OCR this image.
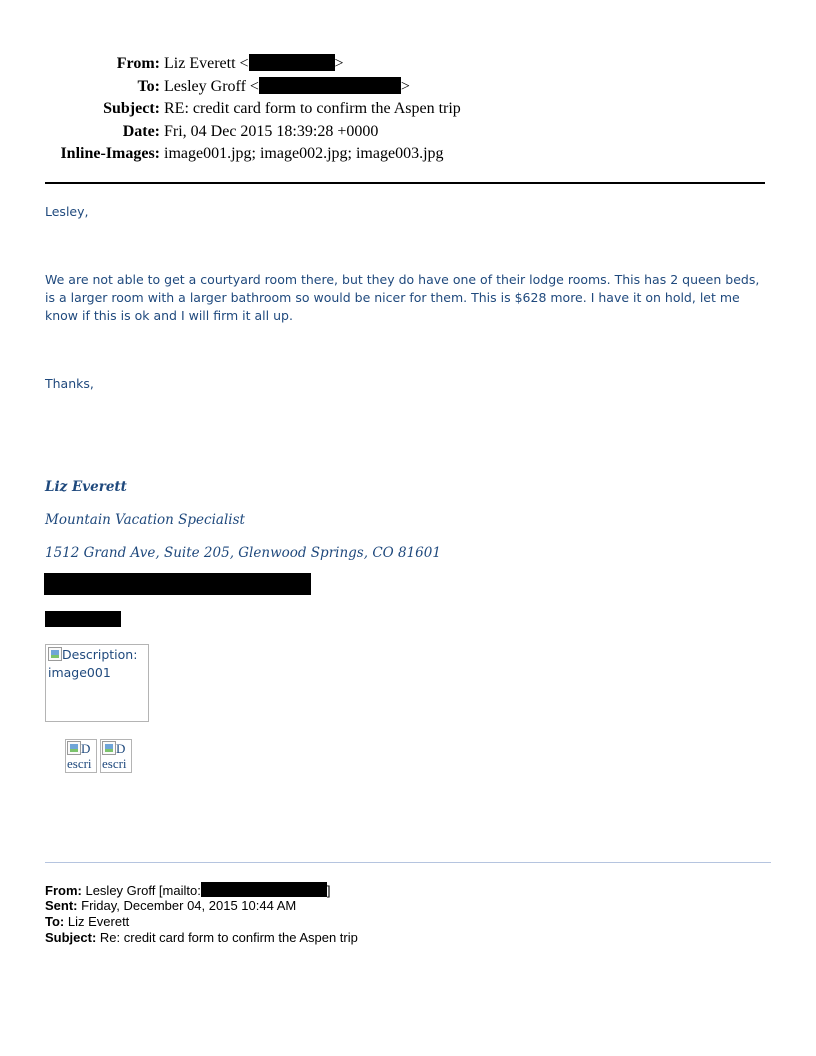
From: Liz Everett <	>
To: Lesley Groff <	>
Subject: RE: credit card form to confirm the Aspen trip
Date: Fri, 04 Dec 2015 18:39:28 +0000
Inline-Images: image001.jpg; image002.jpg; image003.jpg
Lesley,
We are not able to get a courtyard room there, but they do have one of their lodge rooms. This has 2 queen beds, is a larger room with a larger bathroom so would be nicer for them. This is $628 more. I have it on hold, let me know if this is ok and I will firm it all up.
Thanks,
Liz Everett
Mountain Vacation Specialist
1512 Grand Ave, Suite 205, Glenwood Springs, CO 81601
Description: image001
D escri
D escri
From: Lesley Groff [mailto:	]
Sent: Friday, December 04, 2015 10:44 AM
To: Liz Everett
Subject: Re: credit card form to confirm the Aspen trip
